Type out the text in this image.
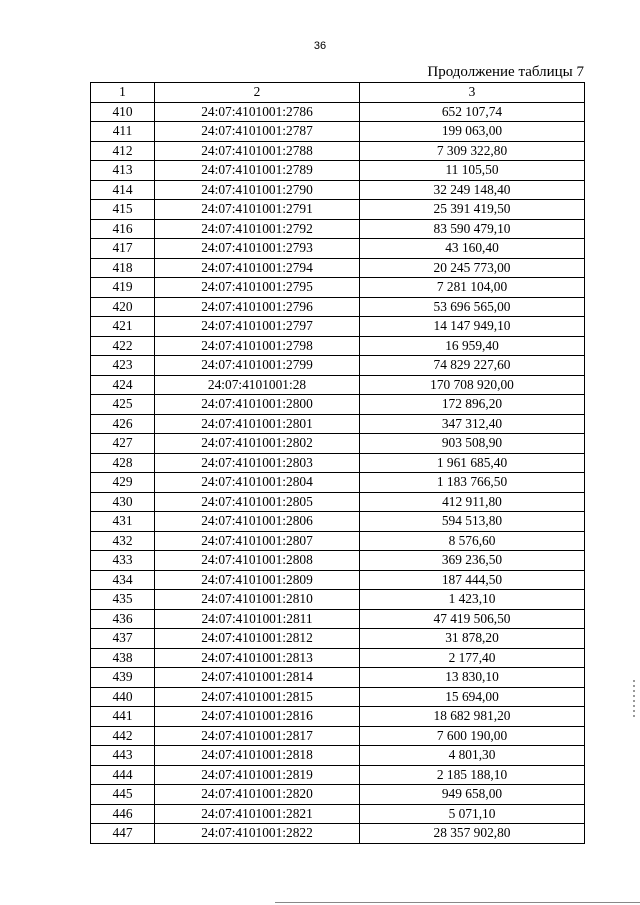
36
Продолжение таблицы 7
1	2	3
410	24:07:4101001:2786	652 107,74
411	24:07:4101001:2787	199 063,00
412	24:07:4101001:2788	7 309 322,80
413	24:07:4101001:2789	11 105,50
414	24:07:4101001:2790	32 249 148,40
415	24:07:4101001:2791	25 391 419,50
416	24:07:4101001:2792	83 590 479,10
417	24:07:4101001:2793	43 160,40
418	24:07:4101001:2794	20 245 773,00
419	24:07:4101001:2795	7 281 104,00
420	24:07:4101001:2796	53 696 565,00
421	24:07:4101001:2797	14 147 949,10
422	24:07:4101001:2798	16 959,40
423	24:07:4101001:2799	74 829 227,60
424	24:07:4101001:28	170 708 920,00
425	24:07:4101001:2800	172 896,20
426	24:07:4101001:2801	347 312,40
427	24:07:4101001:2802	903 508,90
428	24:07:4101001:2803	1 961 685,40
429	24:07:4101001:2804	1 183 766,50
430	24:07:4101001:2805	412 911,80
431	24:07:4101001:2806	594 513,80
432	24:07:4101001:2807	8 576,60
433	24:07:4101001:2808	369 236,50
434	24:07:4101001:2809	187 444,50
435	24:07:4101001:2810	1 423,10
436	24:07:4101001:2811	47 419 506,50
437	24:07:4101001:2812	31 878,20
438	24:07:4101001:2813	2 177,40
439	24:07:4101001:2814	13 830,10
440	24:07:4101001:2815	15 694,00
441	24:07:4101001:2816	18 682 981,20
442	24:07:4101001:2817	7 600 190,00
443	24:07:4101001:2818	4 801,30
444	24:07:4101001:2819	2 185 188,10
445	24:07:4101001:2820	949 658,00
446	24:07:4101001:2821	5 071,10
447	24:07:4101001:2822	28 357 902,80
